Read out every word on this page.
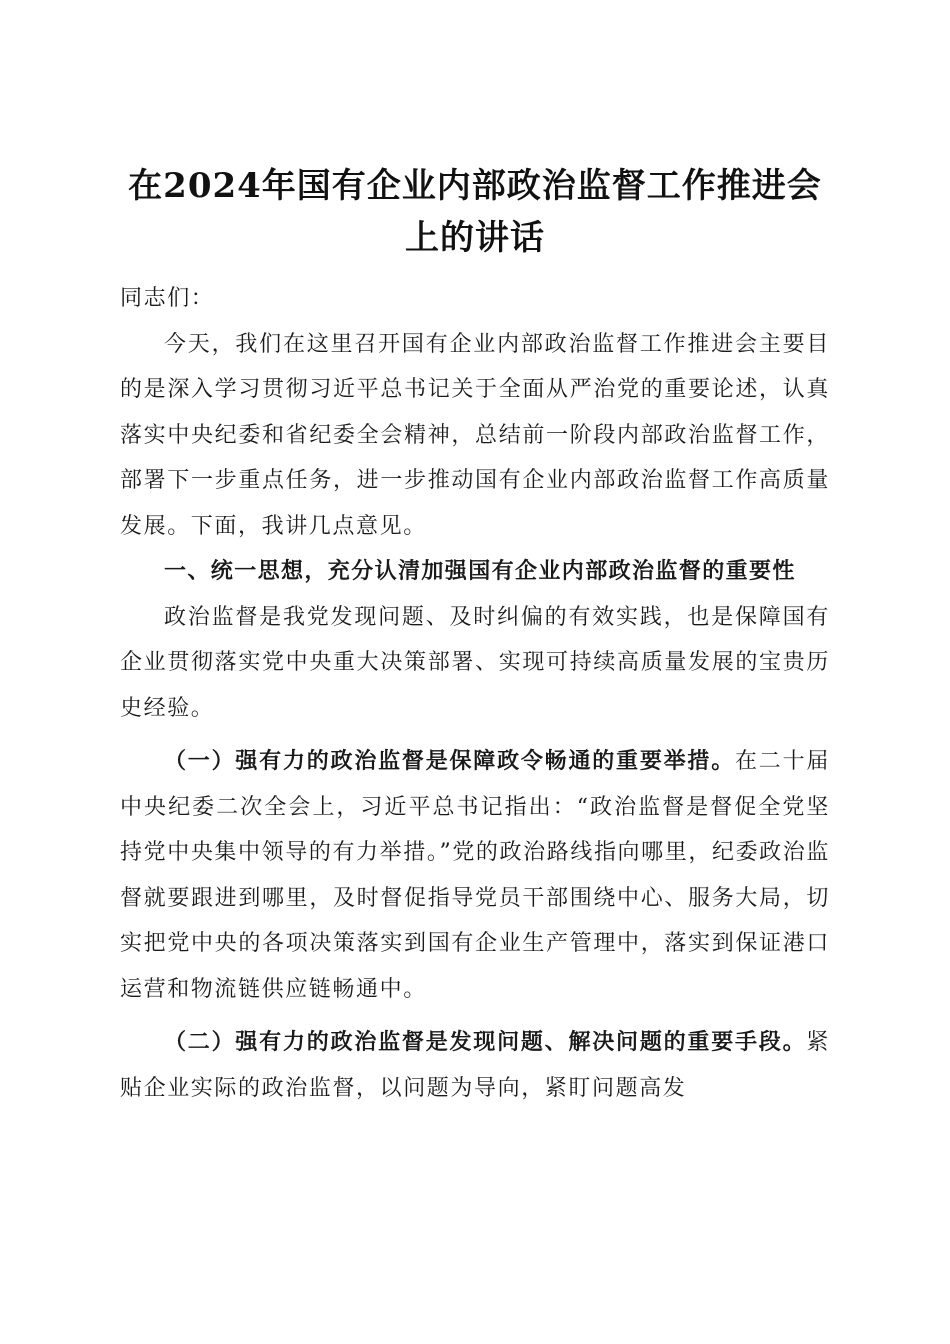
在2024年国有企业内部政治监督工作推进会
上的讲话

同志们：

今天，我们在这里召开国有企业内部政治监督工作推进会主要目的是深入学习贯彻习近平总书记关于全面从严治党的重要论述，认真落实中央纪委和省纪委全会精神，总结前一阶段内部政治监督工作，部署下一步重点任务，进一步推动国有企业内部政治监督工作高质量发展。下面，我讲几点意见。

一、统一思想，充分认清加强国有企业内部政治监督的重要性

政治监督是我党发现问题、及时纠偏的有效实践，也是保障国有企业贯彻落实党中央重大决策部署、实现可持续高质量发展的宝贵历史经验。

（一）强有力的政治监督是保障政令畅通的重要举措。在二十届中央纪委二次全会上，习近平总书记指出：“政治监督是督促全党坚持党中央集中领导的有力举措。”党的政治路线指向哪里，纪委政治监督就要跟进到哪里，及时督促指导党员干部围绕中心、服务大局，切实把党中央的各项决策落实到国有企业生产管理中，落实到保证港口运营和物流链供应链畅通中。

（二）强有力的政治监督是发现问题、解决问题的重要手段。紧贴企业实际的政治监督，以问题为导向，紧盯问题高发
